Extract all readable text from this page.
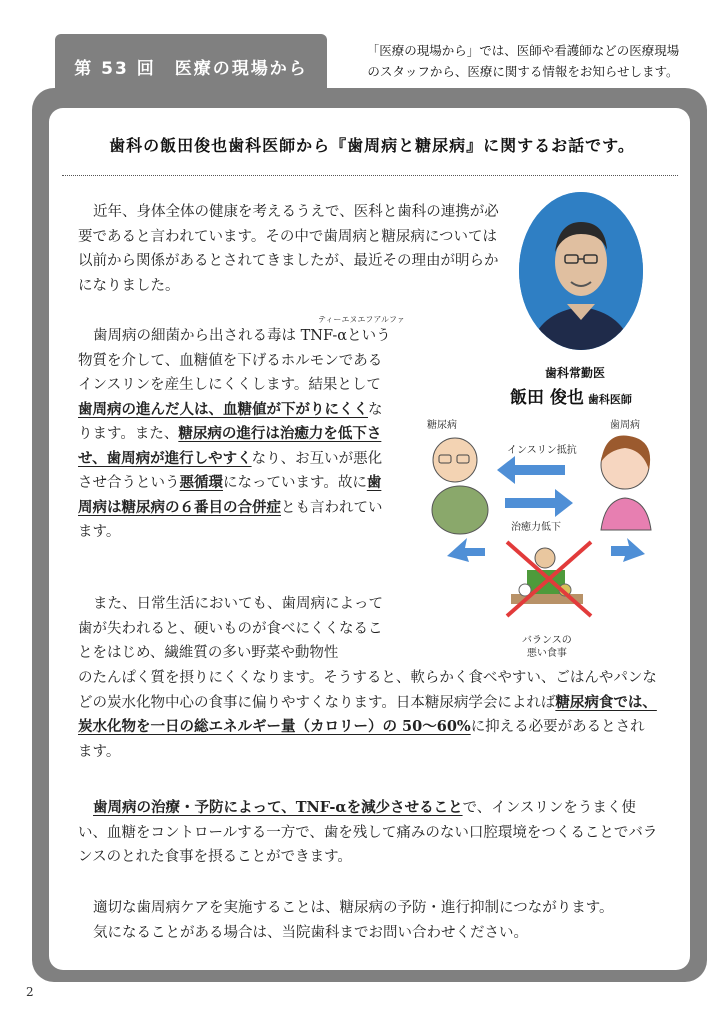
第 53 回　医療の現場から
「医療の現場から」では、医師や看護師などの医療現場
のスタッフから、医療に関する情報をお知らせします。
歯科の飯田俊也歯科医師から『歯周病と糖尿病』に関するお話です。

近年、身体全体の健康を考えるうえで、医科と歯科の連携が必要であると言われています。その中で歯周病と糖尿病については以前から関係があるとされてきましたが、最近その理由が明らかになりました。

歯科常勤医
飯田 俊也 歯科医師
ティーエヌエフアルファ

歯周病の細菌から出される毒は TNF-αという物質を介して、血糖値を下げるホルモンであるインスリンを産生しにくくします。結果として歯周病の進んだ人は、血糖値が下がりにくくなります。また、糖尿病の進行は治癒力を低下させ、歯周病が進行しやすくなり、お互いが悪化させ合うという悪循環になっています。故に歯周病は糖尿病の６番目の合併症とも言われています。

糖尿病	歯周病
インスリン抵抗
治癒力低下
バランスの
悪い食事

また、日常生活においても、歯周病によって歯が失われると、硬いものが食べにくくなることをはじめ、繊維質の多い野菜や動物性

のたんぱく質を摂りにくくなります。そうすると、軟らかく食べやすい、ごはんやパンなどの炭水化物中心の食事に偏りやすくなります。日本糖尿病学会によれば糖尿病食では、炭水化物を一日の総エネルギー量（カロリー）の 50〜60%に抑える必要があるとされます。

歯周病の治療・予防によって、TNF-αを減少させることで、インスリンをうまく使い、血糖をコントロールする一方で、歯を残して痛みのない口腔環境をつくることでバランスのとれた食事を摂ることができます。

適切な歯周病ケアを実施することは、糖尿病の予防・進行抑制につながります。
気になることがある場合は、当院歯科までお問い合わせください。

2
